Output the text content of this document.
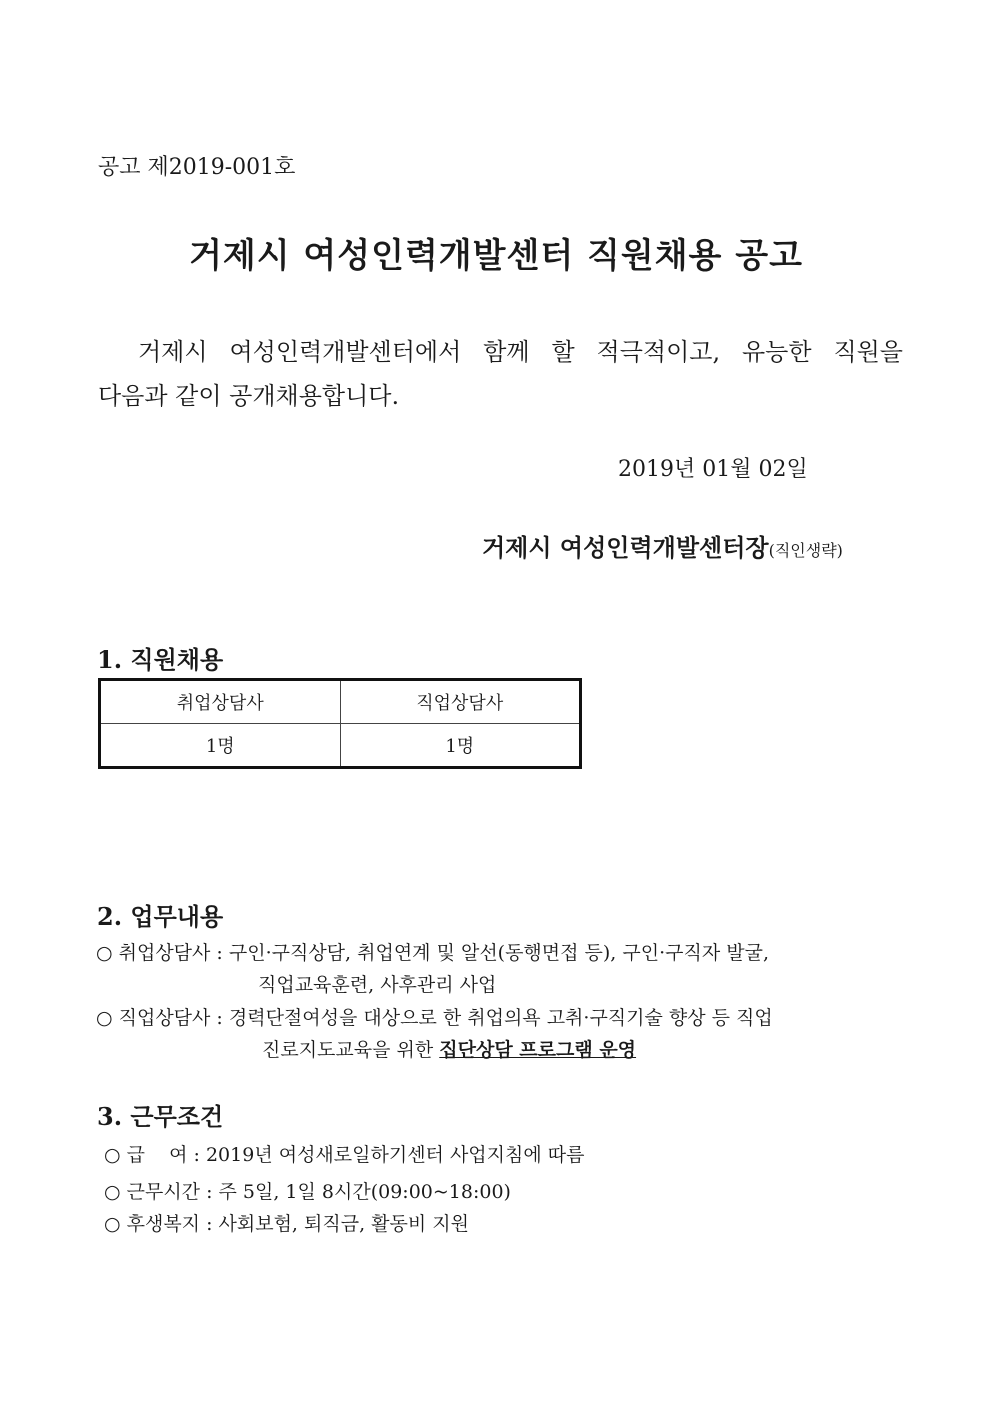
공고 제2019-001호
거제시 여성인력개발센터 직원채용 공고
거제시 여성인력개발센터에서 함께 할 적극적이고, 유능한 직원을
다음과 같이 공개채용합니다.
2019년 01월 02일
거제시 여성인력개발센터장(직인생략)
1. 직원채용
취업상담사	직업상담사
1명	1명
2. 업무내용
○ 취업상담사 : 구인·구직상담, 취업연계 및 알선(동행면접 등), 구인·구직자 발굴,
직업교육훈련, 사후관리 사업
○ 직업상담사 : 경력단절여성을 대상으로 한 취업의욕 고취·구직기술 향상 등 직업
진로지도교육을 위한 집단상담 프로그램 운영
3. 근무조건
○ 급    여 : 2019년 여성새로일하기센터 사업지침에 따름
○ 근무시간 : 주 5일, 1일 8시간(09:00~18:00)
○ 후생복지 : 사회보험, 퇴직금, 활동비 지원
